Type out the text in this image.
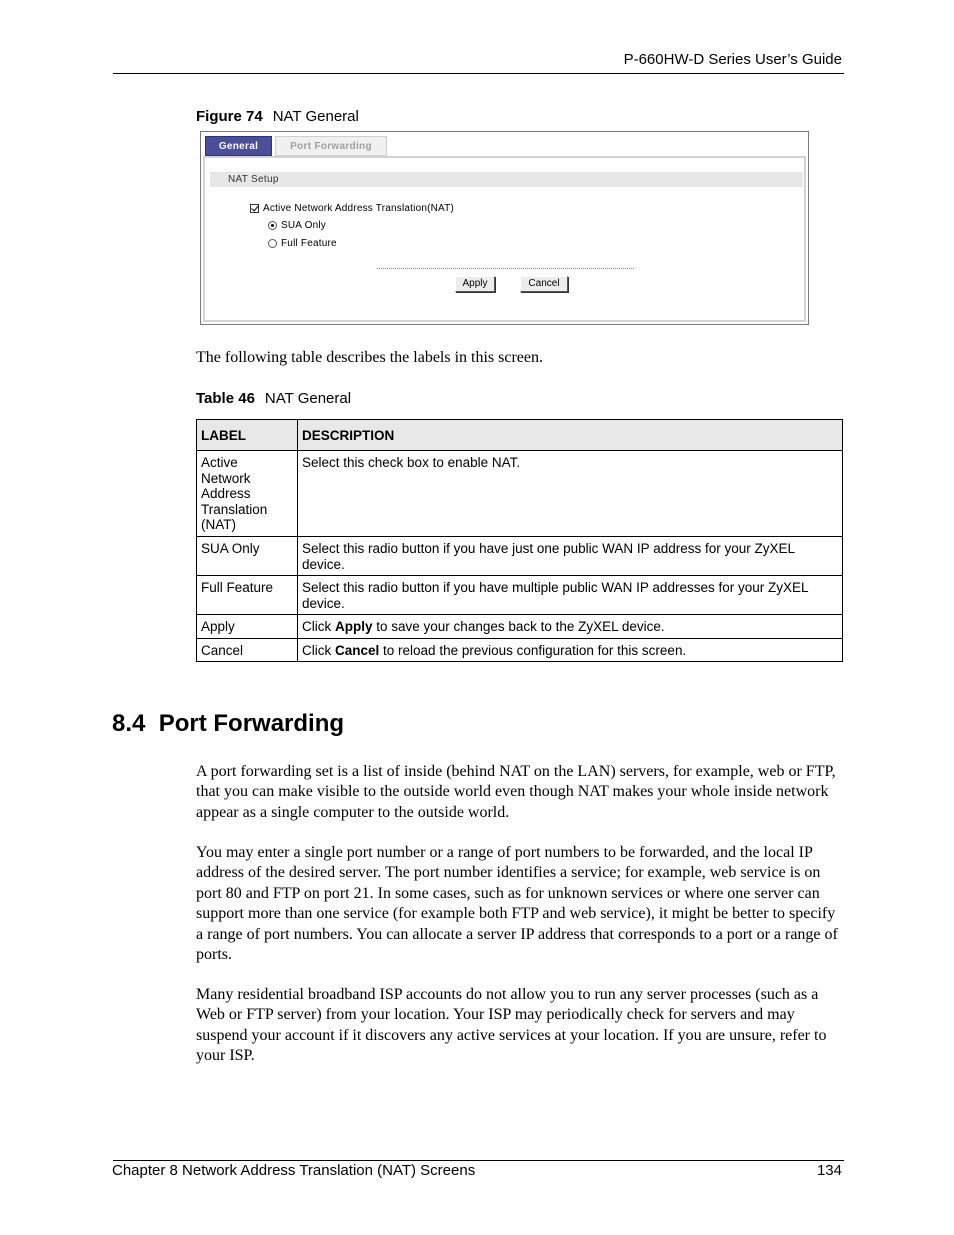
P-660HW-D Series User’s Guide
Figure 74 NAT General
General	Port Forwarding
NAT Setup
Active Network Address Translation(NAT)
SUA Only
Full Feature
Apply	Cancel
The following table describes the labels in this screen.
Table 46 NAT General
LABEL	DESCRIPTION

Active Network Address Translation (NAT)	Select this check box to enable NAT.
SUA Only	Select this radio button if you have just one public WAN IP address for your ZyXEL device.
Full Feature	Select this radio button if you have multiple public WAN IP addresses for your ZyXEL device.
Apply	Click Apply to save your changes back to the ZyXEL device.
Cancel	Click Cancel to reload the previous configuration for this screen.
8.4  Port Forwarding
A port forwarding set is a list of inside (behind NAT on the LAN) servers, for example, web or FTP, that you can make visible to the outside world even though NAT makes your whole inside network appear as a single computer to the outside world.
You may enter a single port number or a range of port numbers to be forwarded, and the local IP address of the desired server. The port number identifies a service; for example, web service is on port 80 and FTP on port 21. In some cases, such as for unknown services or where one server can support more than one service (for example both FTP and web service), it might be better to specify a range of port numbers. You can allocate a server IP address that corresponds to a port or a range of ports.
Many residential broadband ISP accounts do not allow you to run any server processes (such as a Web or FTP server) from your location. Your ISP may periodically check for servers and may suspend your account if it discovers any active services at your location. If you are unsure, refer to your ISP.
Chapter 8 Network Address Translation (NAT) Screens	134
